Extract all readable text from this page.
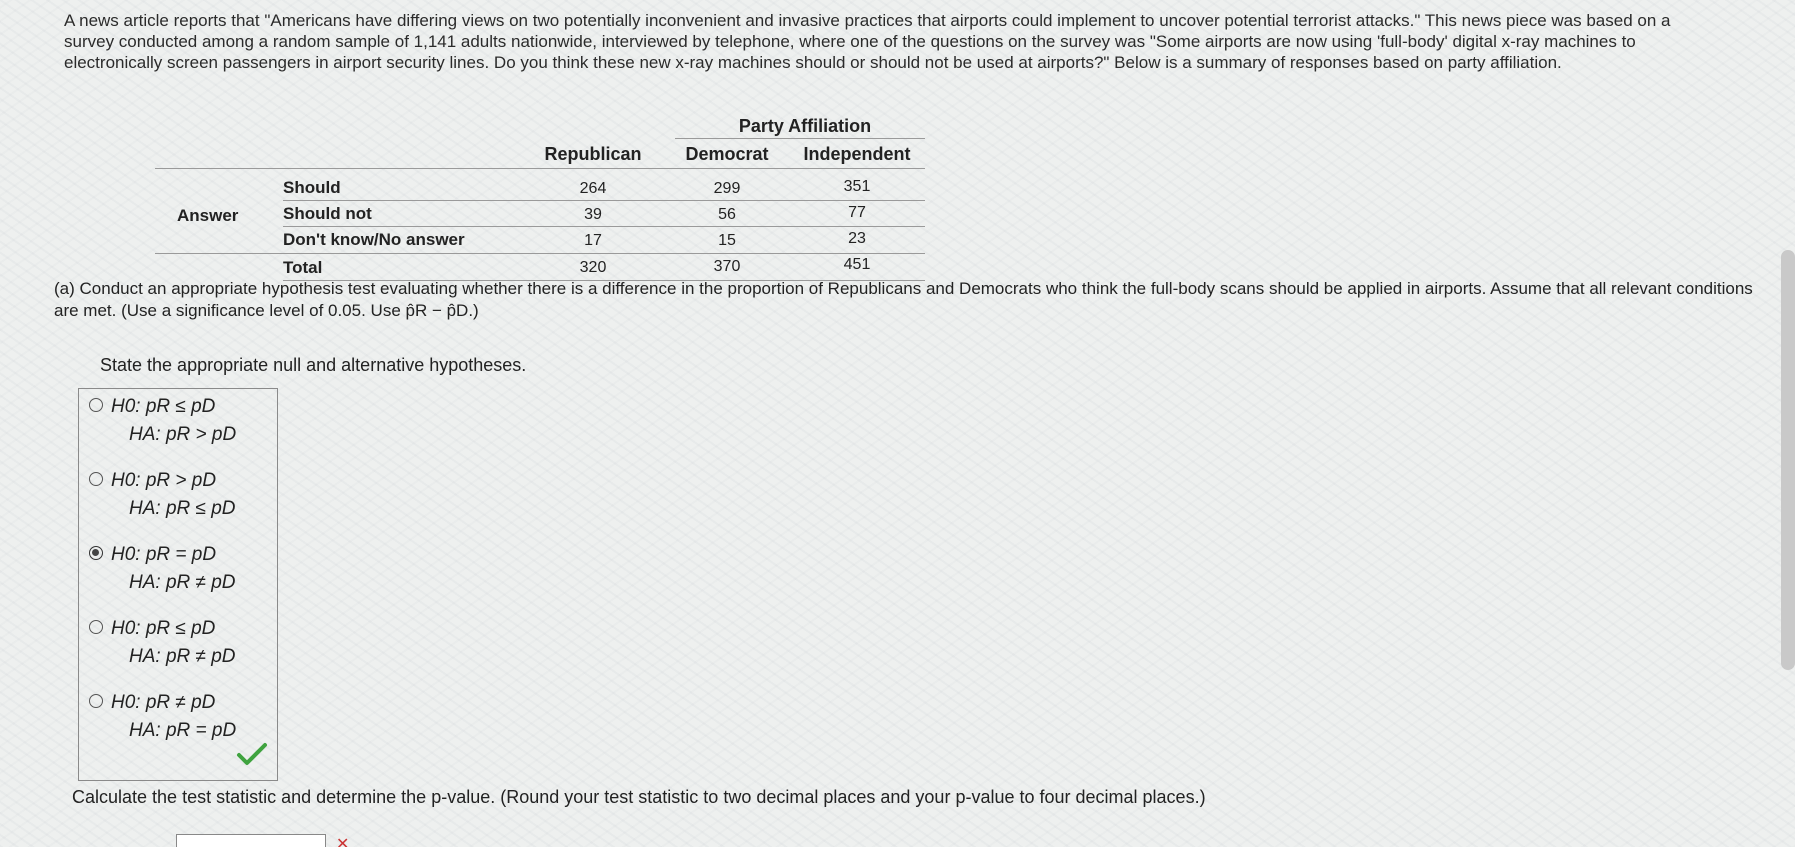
A news article reports that "Americans have differing views on two potentially inconvenient and invasive practices that airports could implement to uncover potential terrorist attacks." This news piece was based on a survey conducted among a random sample of 1,141 adults nationwide, interviewed by telephone, where one of the questions on the survey was "Some airports are now using 'full-body' digital x-ray machines to electronically screen passengers in airport security lines. Do you think these new x-ray machines should or should not be used at airports?" Below is a summary of responses based on party affiliation.
Party Affiliation
Republican	Democrat	Independent
Answer
Should	264	299	351
Should not	39	56	77
Don't know/No answer	17	15	23
Total	320	370	451
(a) Conduct an appropriate hypothesis test evaluating whether there is a difference in the proportion of Republicans and Democrats who think the full-body scans should be applied in airports. Assume that all relevant conditions are met. (Use a significance level of 0.05. Use p̂R − p̂D.)
State the appropriate null and alternative hypotheses.
H0: pR ≤ pD
HA: pR > pD
H0: pR > pD
HA: pR ≤ pD
H0: pR = pD
HA: pR ≠ pD
H0: pR ≤ pD
HA: pR ≠ pD
H0: pR ≠ pD
HA: pR = pD
Calculate the test statistic and determine the p-value. (Round your test statistic to two decimal places and your p-value to four decimal places.)
✕
